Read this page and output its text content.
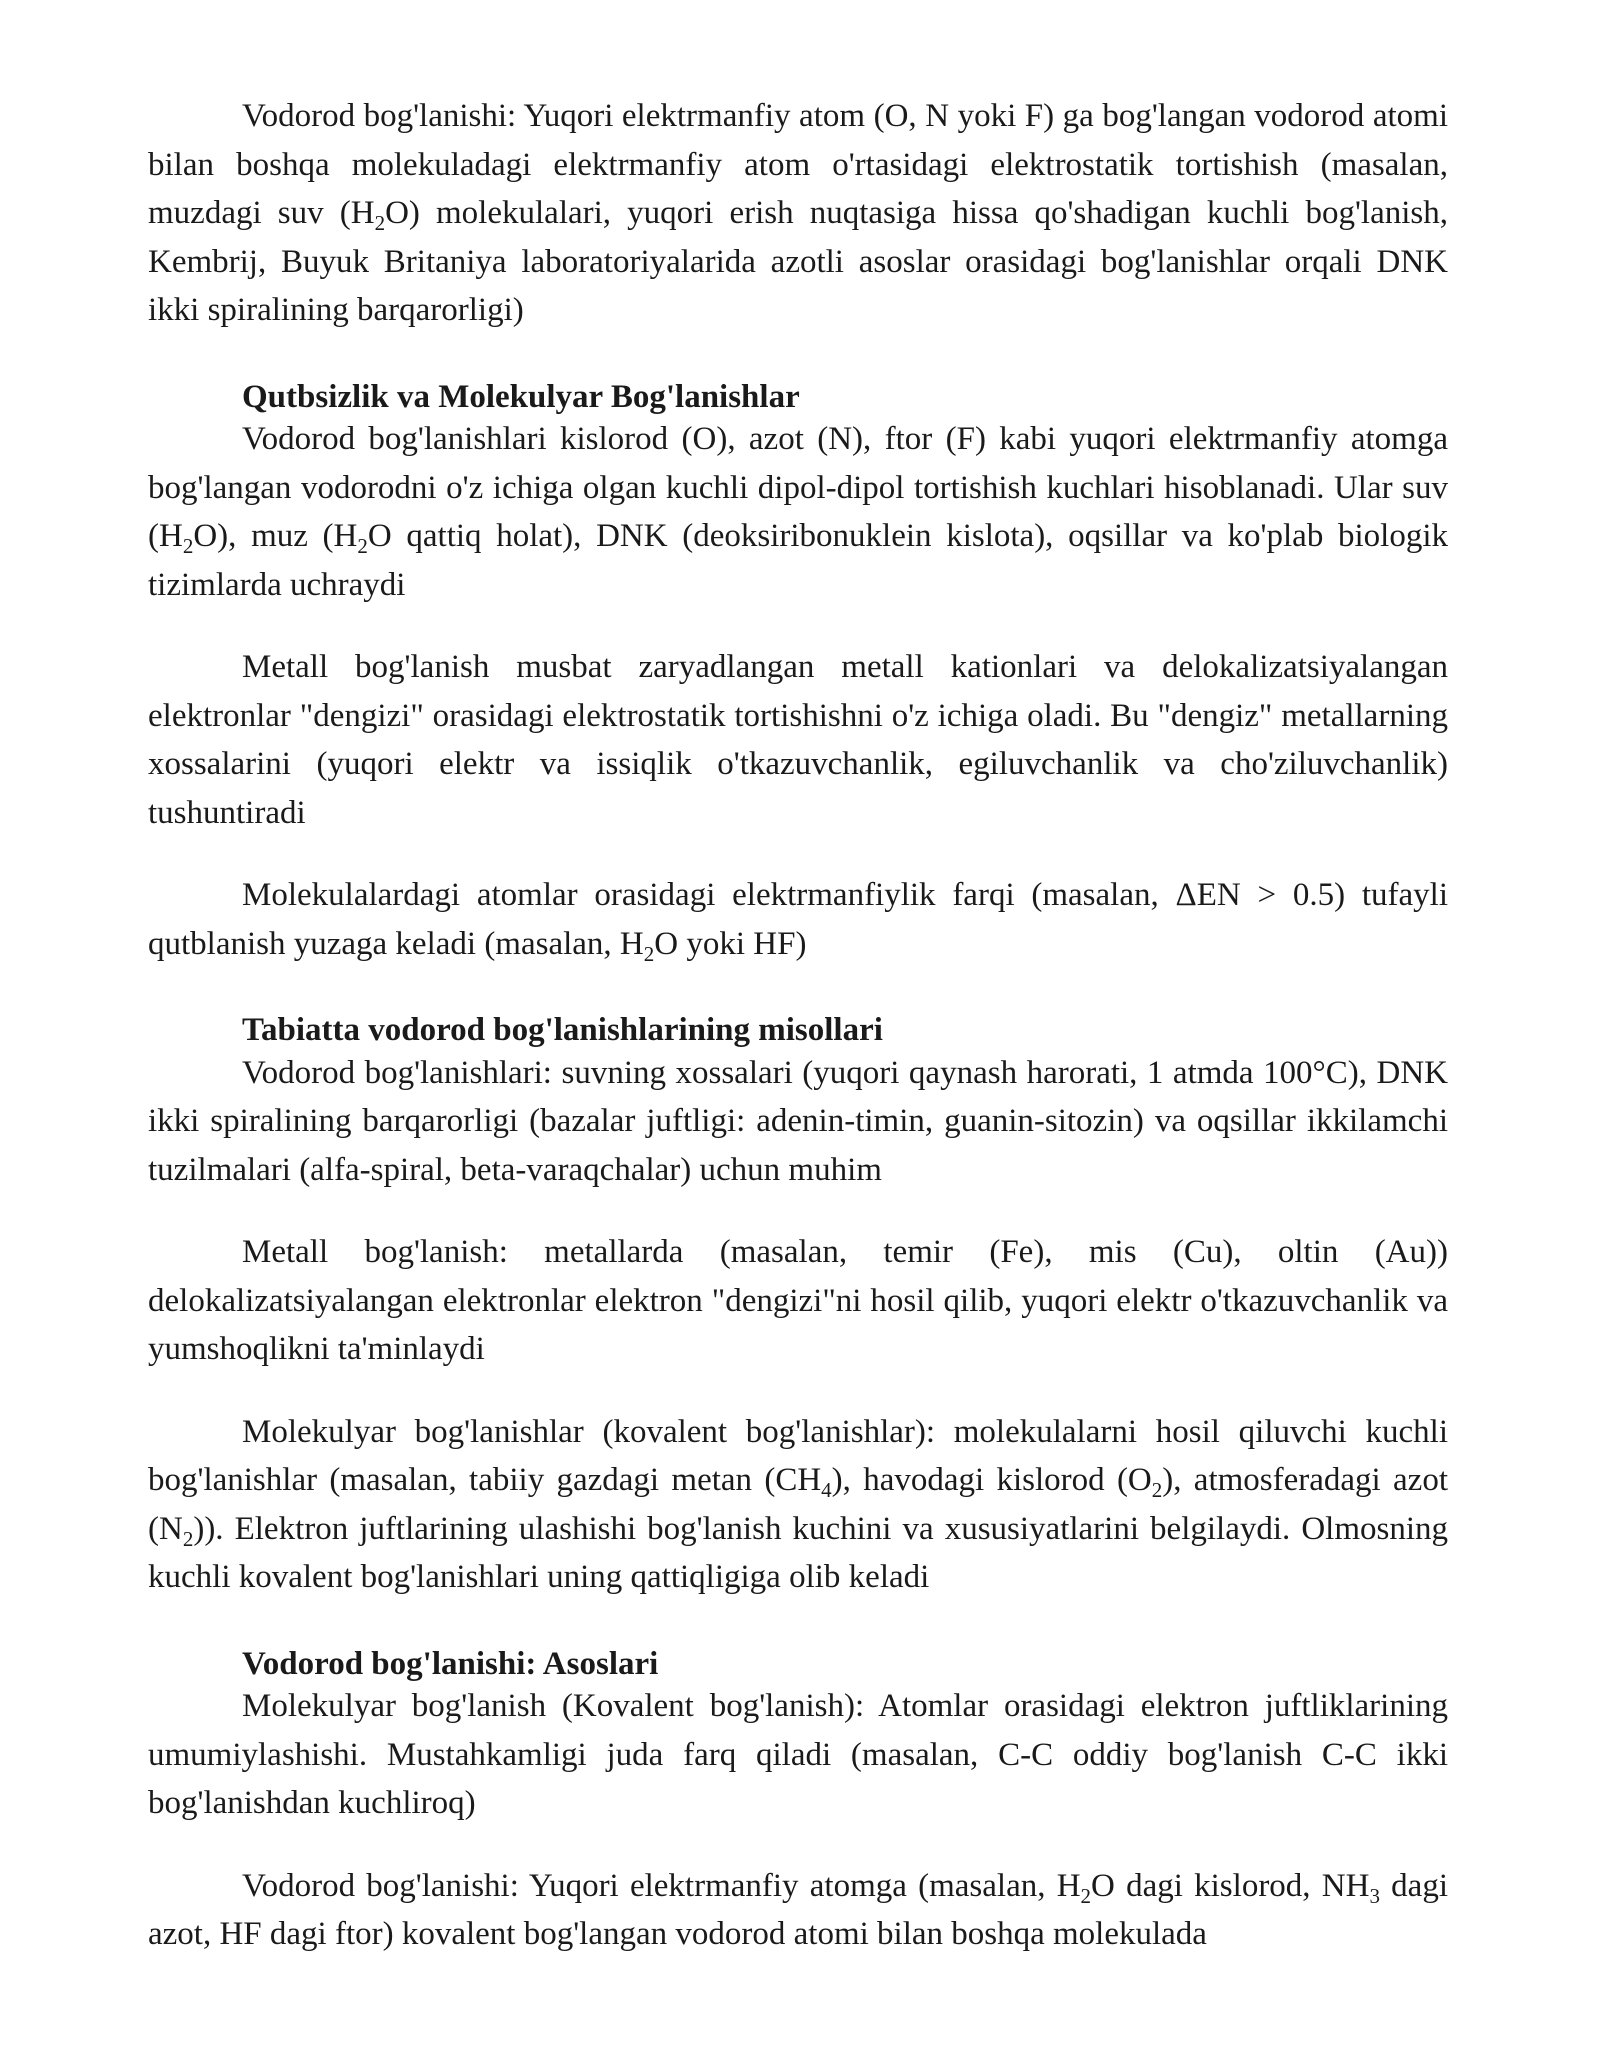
Vodorod bog'lanishi: Yuqori elektrmanfiy atom (O, N yoki F) ga bog'langan vodorod atomi bilan boshqa molekuladagi elektrmanfiy atom o'rtasidagi elektrostatik tortishish (masalan, muzdagi suv $(H_2O)$ molekulalari, yuqori erish nuqtasiga hissa qo'shadigan kuchli bog'lanish, Kembrij, Buyuk Britaniya laboratoriyalarida azotli asoslar orasidagi bog'lanishlar orqali DNK ikki spiralining barqarorligi)

Qutbsizlik va Molekulyar Bog'lanishlar

Vodorod bog'lanishlari kislorod (O), azot (N), ftor (F) kabi yuqori elektrmanfiy atomga bog'langan vodorodni o'z ichiga olgan kuchli dipol-dipol tortishish kuchlari hisoblanadi. Ular suv $(H_2O)$, muz ($H_2O$ qattiq holat), DNK (deoksiribonuklein kislota), oqsillar va ko'plab biologik tizimlarda uchraydi

Metall bog'lanish musbat zaryadlangan metall kationlari va delokalizatsiyalangan elektronlar "dengizi" orasidagi elektrostatik tortishishni o'z ichiga oladi. Bu "dengiz" metallarning xossalarini (yuqori elektr va issiqlik o'tkazuvchanlik, egiluvchanlik va cho'ziluvchanlik) tushuntiradi

Molekulalardagi atomlar orasidagi elektrmanfiylik farqi (masalan, ΔEN > 0.5) tufayli qutblanish yuzaga keladi (masalan, $H_2O$ yoki HF)

Tabiatta vodorod bog'lanishlarining misollari

Vodorod bog'lanishlari: suvning xossalari (yuqori qaynash harorati, 1 atmda 100°C), DNK ikki spiralining barqarorligi (bazalar juftligi: adenin-timin, guanin-sitozin) va oqsillar ikkilamchi tuzilmalari (alfa-spiral, beta-varaqchalar) uchun muhim

Metall bog'lanish: metallarda (masalan, temir (Fe), mis (Cu), oltin (Au)) delokalizatsiyalangan elektronlar elektron "dengizi"ni hosil qilib, yuqori elektr o'tkazuvchanlik va yumshoqlikni ta'minlaydi

Molekulyar bog'lanishlar (kovalent bog'lanishlar): molekulalarni hosil qiluvchi kuchli bog'lanishlar (masalan, tabiiy gazdagi metan $(CH_4)$, havodagi kislorod $(O_2)$, atmosferadagi azot $(N_2)$). Elektron juftlarining ulashishi bog'lanish kuchini va xususiyatlarini belgilaydi. Olmosning kuchli kovalent bog'lanishlari uning qattiqligiga olib keladi

Vodorod bog'lanishi: Asoslari

Molekulyar bog'lanish (Kovalent bog'lanish): Atomlar orasidagi elektron juftliklarining umumiylashishi. Mustahkamligi juda farq qiladi (masalan, C-C oddiy bog'lanish C-C ikki bog'lanishdan kuchliroq)

Vodorod bog'lanishi: Yuqori elektrmanfiy atomga (masalan, $H_2O$ dagi kislorod, $NH_3$ dagi azot, HF dagi ftor) kovalent bog'langan vodorod atomi bilan boshqa molekulada
